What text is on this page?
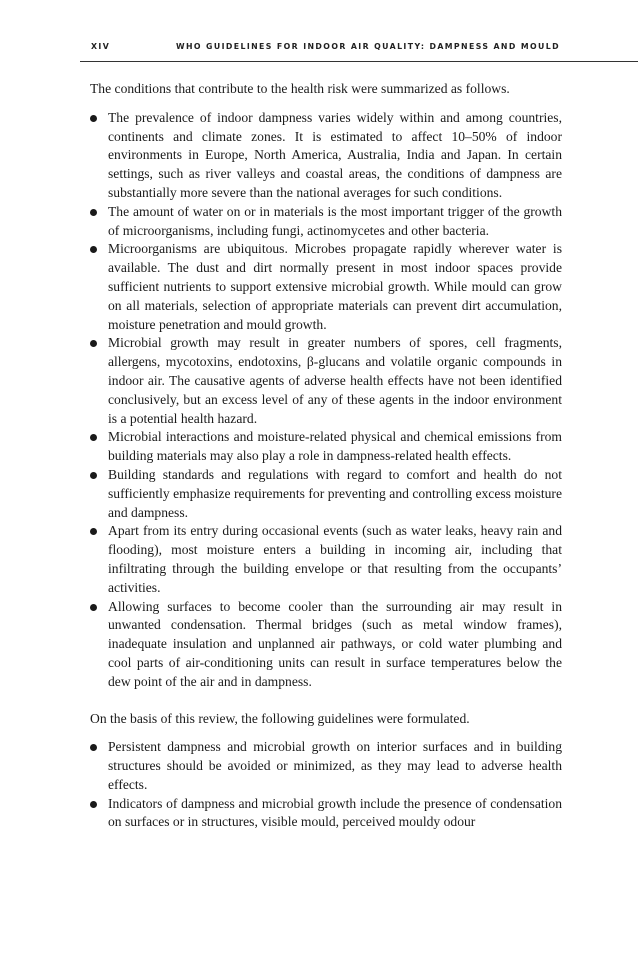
XIV	WHO GUIDELINES FOR INDOOR AIR QUALITY: DAMPNESS AND MOULD

The conditions that contribute to the health risk were summarized as follows.

The prevalence of indoor dampness varies widely within and among countries, continents and climate zones. It is estimated to affect 10–50% of indoor environments in Europe, North America, Australia, India and Japan. In certain settings, such as river valleys and coastal areas, the conditions of dampness are substantially more severe than the national averages for such conditions.
The amount of water on or in materials is the most important trigger of the growth of microorganisms, including fungi, actinomycetes and other bacteria.
Microorganisms are ubiquitous. Microbes propagate rapidly wherever water is available. The dust and dirt normally present in most indoor spaces provide sufficient nutrients to support extensive microbial growth. While mould can grow on all materials, selection of appropriate materials can prevent dirt accumulation, moisture penetration and mould growth.
Microbial growth may result in greater numbers of spores, cell fragments, allergens, mycotoxins, endotoxins, β-glucans and volatile organic compounds in indoor air. The causative agents of adverse health effects have not been identified conclusively, but an excess level of any of these agents in the indoor environment is a potential health hazard.
Microbial interactions and moisture-related physical and chemical emissions from building materials may also play a role in dampness-related health effects.
Building standards and regulations with regard to comfort and health do not sufficiently emphasize requirements for preventing and controlling excess moisture and dampness.
Apart from its entry during occasional events (such as water leaks, heavy rain and flooding), most moisture enters a building in incoming air, including that infiltrating through the building envelope or that resulting from the occupants’ activities.
Allowing surfaces to become cooler than the surrounding air may result in unwanted condensation. Thermal bridges (such as metal window frames), inadequate insulation and unplanned air pathways, or cold water plumbing and cool parts of air-conditioning units can result in surface temperatures below the dew point of the air and in dampness.

On the basis of this review, the following guidelines were formulated.

Persistent dampness and microbial growth on interior surfaces and in building structures should be avoided or minimized, as they may lead to adverse health effects.
Indicators of dampness and microbial growth include the presence of condensation on surfaces or in structures, visible mould, perceived mouldy odour
